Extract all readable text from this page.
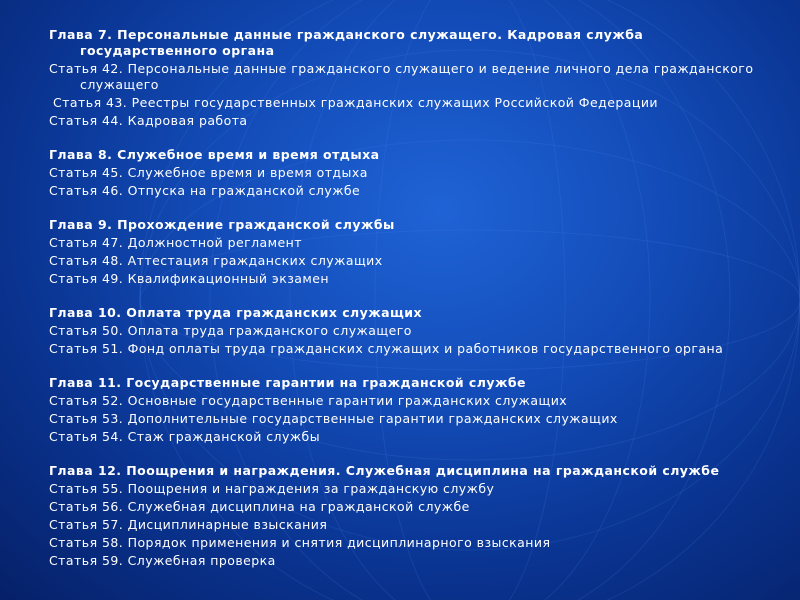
Глава 7. Персональные данные гражданского служащего. Кадровая служба
государственного органа

Статья 42. Персональные данные гражданского служащего и ведение личного дела гражданского
служащего

Статья 43. Реестры государственных гражданских служащих Российской Федерации

Статья 44. Кадровая работа

Глава 8. Служебное время и время отдыха

Статья 45. Служебное время и время отдыха

Статья 46. Отпуска на гражданской службе

Глава 9. Прохождение гражданской службы

Статья 47. Должностной регламент

Статья 48. Аттестация гражданских служащих

Статья 49. Квалификационный экзамен

Глава 10. Оплата труда гражданских служащих

Статья 50. Оплата труда гражданского служащего

Статья 51. Фонд оплаты труда гражданских служащих и работников государственного органа

Глава 11. Государственные гарантии на гражданской службе

Статья 52. Основные государственные гарантии гражданских служащих

Статья 53. Дополнительные государственные гарантии гражданских служащих

Статья 54. Стаж гражданской службы

Глава 12. Поощрения и награждения. Служебная дисциплина на гражданской службе

Статья 55. Поощрения и награждения за гражданскую службу

Статья 56. Служебная дисциплина на гражданской службе

Статья 57. Дисциплинарные взыскания

Статья 58. Порядок применения и снятия дисциплинарного взыскания

Статья 59. Служебная проверка
